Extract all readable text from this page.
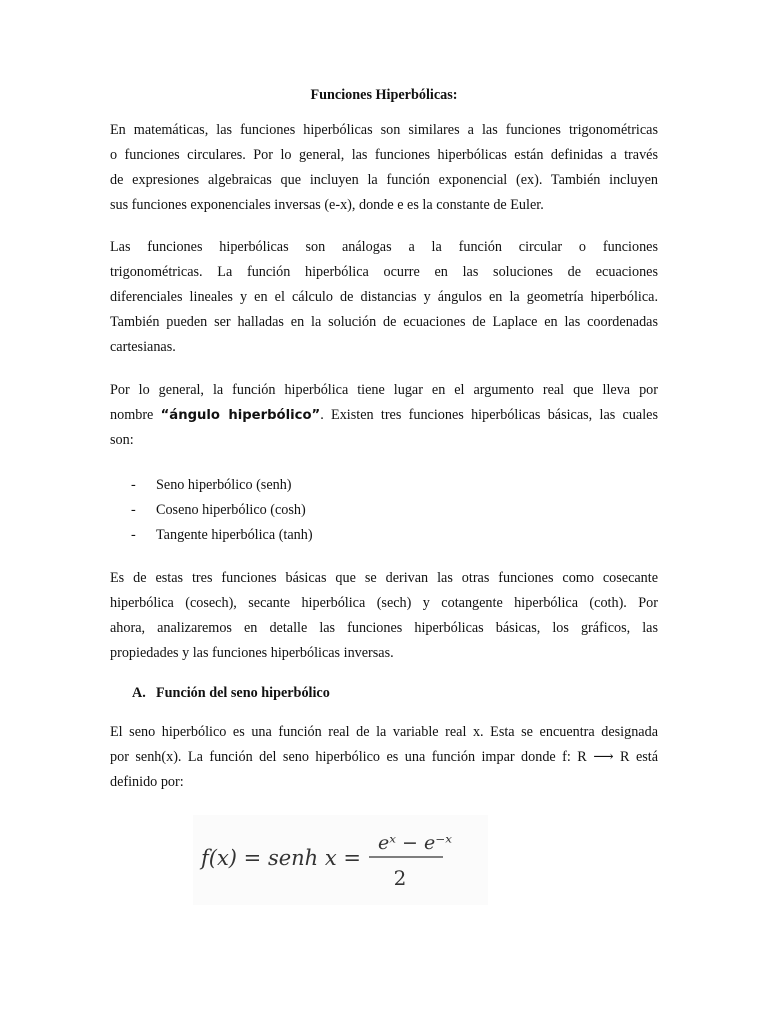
Funciones Hiperbólicas:
En matemáticas, las funciones hiperbólicas son similares a las funciones trigonométricas
o funciones circulares. Por lo general, las funciones hiperbólicas están definidas a través
de expresiones algebraicas que incluyen la función exponencial (ex). También incluyen
sus funciones exponenciales inversas (e-x), donde e es la constante de Euler.
Las funciones hiperbólicas son análogas a la función circular o funciones
trigonométricas. La función hiperbólica ocurre en las soluciones de ecuaciones
diferenciales lineales y en el cálculo de distancias y ángulos en la geometría hiperbólica.
También pueden ser halladas en la solución de ecuaciones de Laplace en las coordenadas
cartesianas.
Por lo general, la función hiperbólica tiene lugar en el argumento real que lleva por
nombre “ángulo hiperbólico”. Existen tres funciones hiperbólicas básicas, las cuales
son:
- Seno hiperbólico (senh)
- Coseno hiperbólico (cosh)
- Tangente hiperbólica (tanh)
Es de estas tres funciones básicas que se derivan las otras funciones como cosecante
hiperbólica (cosech), secante hiperbólica (sech) y cotangente hiperbólica (coth). Por
ahora, analizaremos en detalle las funciones hiperbólicas básicas, los gráficos, las
propiedades y las funciones hiperbólicas inversas.
A. Función del seno hiperbólico
El seno hiperbólico es una función real de la variable real x. Esta se encuentra designada
por senh(x). La función del seno hiperbólico es una función impar donde f: R ⟶ R está
definido por:
f(x) = senh x =
eˣ − e⁻ˣ
2
